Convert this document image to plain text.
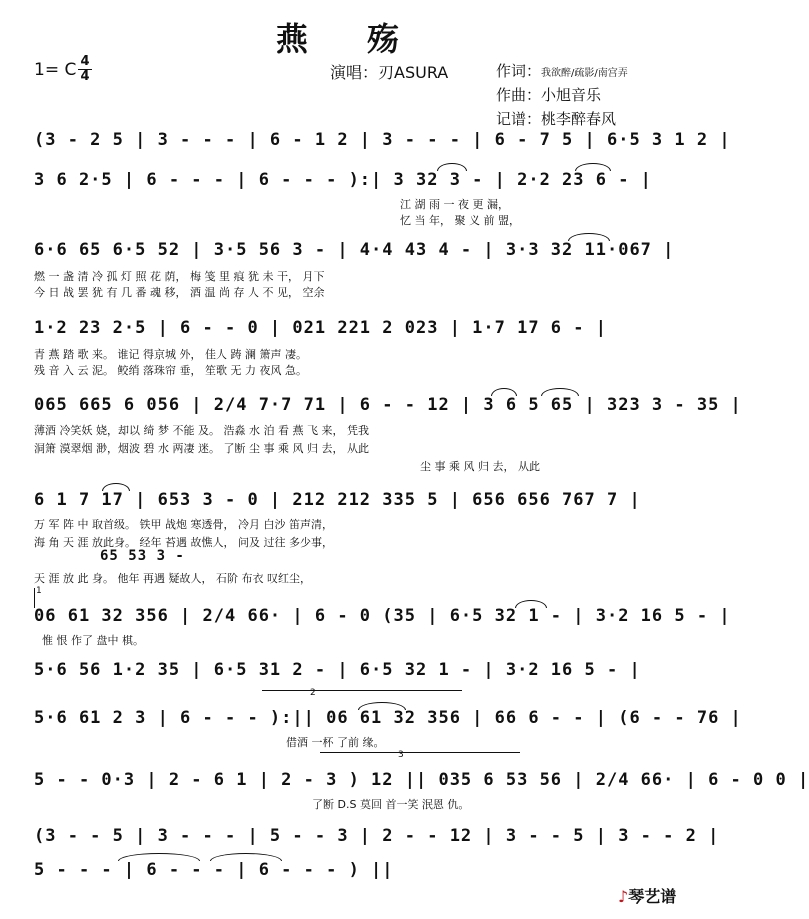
燕 殇
1= C 4
4	演唱：刃ASURA	作词：我欲醉/疏影/南宫弄
作曲：小旭音乐
记谱：桃李醉春风
(3 - 2 5 | 3 - - - | 6 - 1 2 | 3 - - - | 6 - 7 5 | 6·5 3 1 2 |
3 6 2·5 | 6 - - - | 6 - - - ):| 3 32 3 - | 2·2 23 6 - |
江 湖 雨 一 夜 更 漏，
忆 当 年， 聚 义 前 盟，
6·6 65 6·5 52 | 3·5 56 3 - | 4·4 43 4 - | 3·3 32 11·067 |
燃 一 盏 清 冷 孤 灯 照 花 荫， 梅 笺 里 痕 犹 未 干， 月下
今 日 战 罢 犹 有 几 番 魂 移， 酒 温 尚 存 人 不 见， 空余
1·2 23 2·5 | 6 - - 0 | 021 221 2 023 | 1·7 17 6 - |
青 燕 踏 歌 来。 谁记 得京城 外， 佳人 踌 澜 箫声 凄。
残 音 入 云 泥。 鲛绡 落珠帘 垂， 笙歌 无 力 夜风 急。
065 665 6 056 | 2/4 7·7 71 | 6 - - 12 | 3 6 5 65 | 323 3 - 35 |
薄酒 冷笑妖 娆，却以 绮 梦 不能 及。 浩淼 水 泊 看 燕 飞 来， 凭我
洞箫 漠翠烟 渺，烟波 碧 水 两凄 迷。 了断 尘 事 乘 风 归 去， 从此
尘 事 乘 风 归 去， 从此
6 1 7 17 | 653 3 - 0 | 212 212 335 5 | 656 656 767 7 |
万 军 阵 中 取首级。 铁甲 战炮 寒透骨， 冷月 白沙 笛声清，
海 角 天 涯 放此身。 经年 苔遇 故憔人， 问及 过往 多少事，
65 53 3 -
天 涯 放 此 身。 他年 再遇 疑故人， 石阶 布衣 叹红尘，
1
06 61 32 356 | 2/4 66· | 6 - 0 (35 | 6·5 32 1 - | 3·2 16 5 - |
惟 恨 作了 盘中 棋。
5·6 56 1·2 35 | 6·5 31 2 - | 6·5 32 1 - | 3·2 16 5 - |
2
5·6 61 2 3 | 6 - - - ):|| 06 61 32 356 | 66 6 - - | (6 - - 76 |
借酒 一杯 了前 缘。
3
5 - - 0·3 | 2 - 6 1 | 2 - 3 ) 12 || 035 6 53 56 | 2/4 66· | 6 - 0 0 |
了断 D.S 莫回 首一笑 泯恩 仇。
(3 - - 5 | 3 - - - | 5 - - 3 | 2 - - 12 | 3 - - 5 | 3 - - 2 |
5 - - - | 6 - - - | 6 - - - ) ||
♪琴艺谱
